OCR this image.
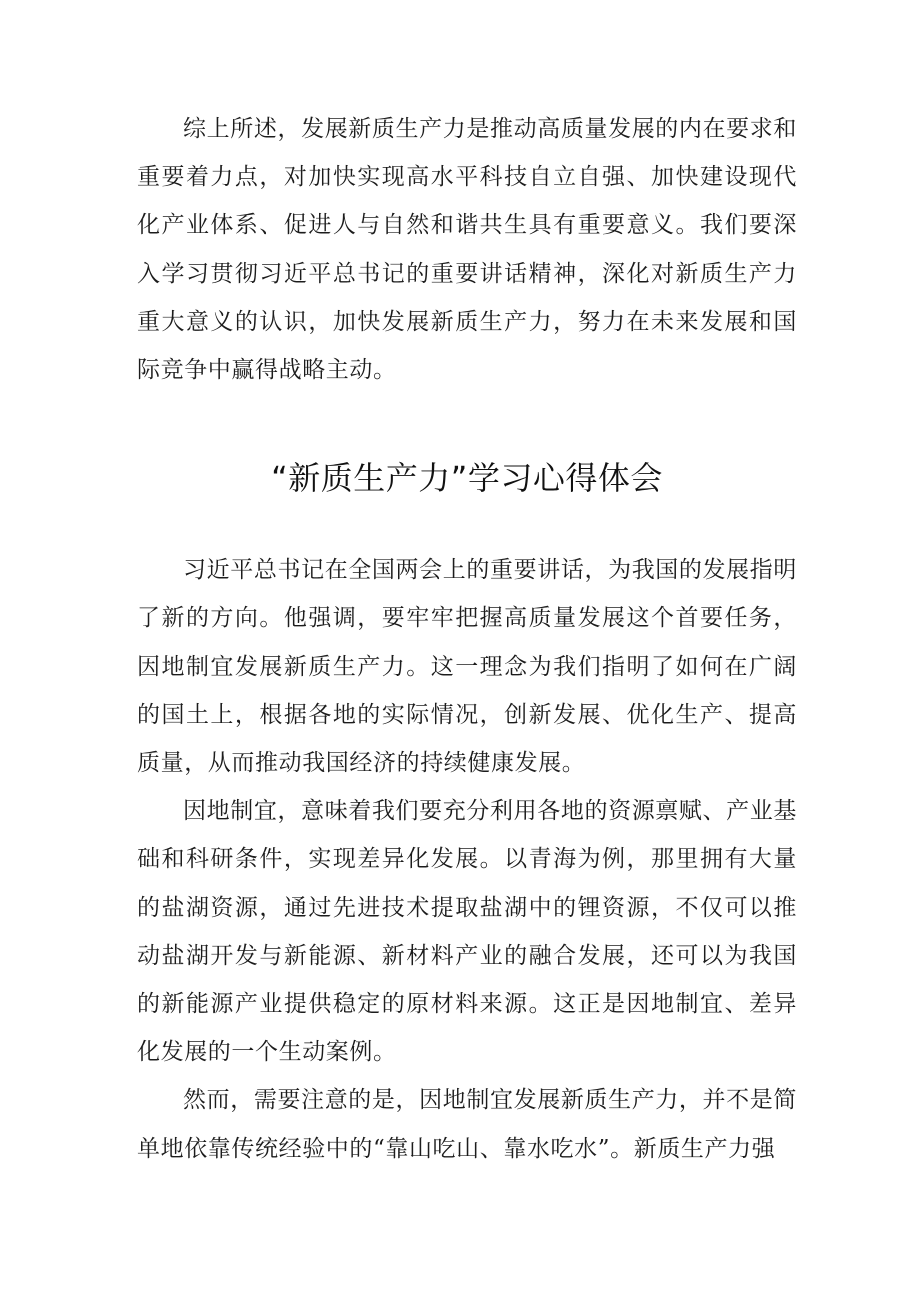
综上所述，发展新质生产力是推动高质量发展的内在要求和重要着力点，对加快实现高水平科技自立自强、加快建设现代化产业体系、促进人与自然和谐共生具有重要意义。我们要深入学习贯彻习近平总书记的重要讲话精神，深化对新质生产力重大意义的认识，加快发展新质生产力，努力在未来发展和国际竞争中赢得战略主动。

“新质生产力”学习心得体会

习近平总书记在全国两会上的重要讲话，为我国的发展指明了新的方向。他强调，要牢牢把握高质量发展这个首要任务，因地制宜发展新质生产力。这一理念为我们指明了如何在广阔的国土上，根据各地的实际情况，创新发展、优化生产、提高质量，从而推动我国经济的持续健康发展。

因地制宜，意味着我们要充分利用各地的资源禀赋、产业基础和科研条件，实现差异化发展。以青海为例，那里拥有大量的盐湖资源，通过先进技术提取盐湖中的锂资源，不仅可以推动盐湖开发与新能源、新材料产业的融合发展，还可以为我国的新能源产业提供稳定的原材料来源。这正是因地制宜、差异化发展的一个生动案例。

然而，需要注意的是，因地制宜发展新质生产力，并不是简单地依靠传统经验中的“靠山吃山、靠水吃水”。新质生产力强
